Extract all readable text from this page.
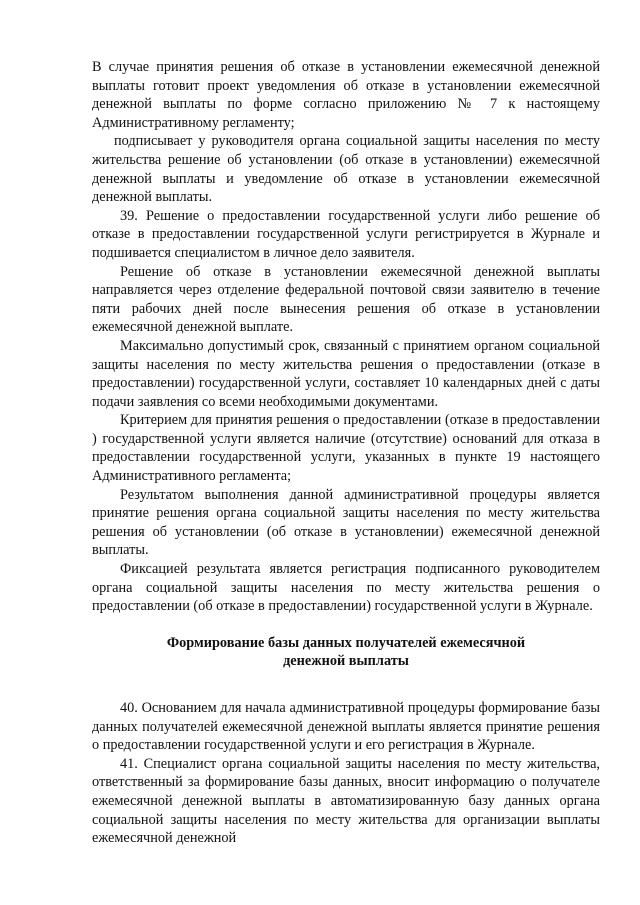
В случае принятия решения об отказе в установлении ежемесячной денежной выплаты готовит проект уведомления об отказе в установлении ежемесячной денежной выплаты по форме согласно приложению № 7 к настоящему Административному регламенту;

подписывает у руководителя органа социальной защиты населения по месту жительства решение об установлении (об отказе в установлении) ежемесячной денежной выплаты и уведомление об отказе в установлении ежемесячной денежной выплаты.

39. Решение о предоставлении государственной услуги либо решение об отказе в предоставлении государственной услуги регистрируется в Журнале и подшивается специалистом в личное дело заявителя.

Решение об отказе в установлении ежемесячной денежной выплаты направляется через отделение федеральной почтовой связи заявителю в течение пяти рабочих дней после вынесения решения об отказе в установлении ежемесячной денежной выплате.

Максимально допустимый срок, связанный с принятием органом социальной защиты населения по месту жительства решения о предоставлении (отказе в предоставлении) государственной услуги, составляет 10 календарных дней с даты подачи заявления со всеми необходимыми документами.

Критерием для принятия решения о предоставлении (отказе в предоставлении ) государственной услуги является наличие (отсутствие) оснований для отказа в предоставлении государственной услуги, указанных в пункте 19 настоящего Административного регламента;

Результатом выполнения данной административной процедуры является принятие решения органа социальной защиты населения по месту жительства решения об установлении (об отказе в установлении) ежемесячной денежной выплаты.

Фиксацией результата является регистрация подписанного руководителем органа социальной защиты населения по месту жительства решения о предоставлении (об отказе в предоставлении) государственной услуги в Журнале.

Формирование базы данных получателей ежемесячной

денежной выплаты

40. Основанием для начала административной процедуры формирование базы данных получателей ежемесячной денежной выплаты является принятие решения о предоставлении государственной услуги и его регистрация в Журнале.

41. Специалист органа социальной защиты населения по месту жительства, ответственный за формирование базы данных, вносит информацию о получателе ежемесячной денежной выплаты в автоматизированную базу данных органа социальной защиты населения по месту жительства для организации выплаты ежемесячной денежной
